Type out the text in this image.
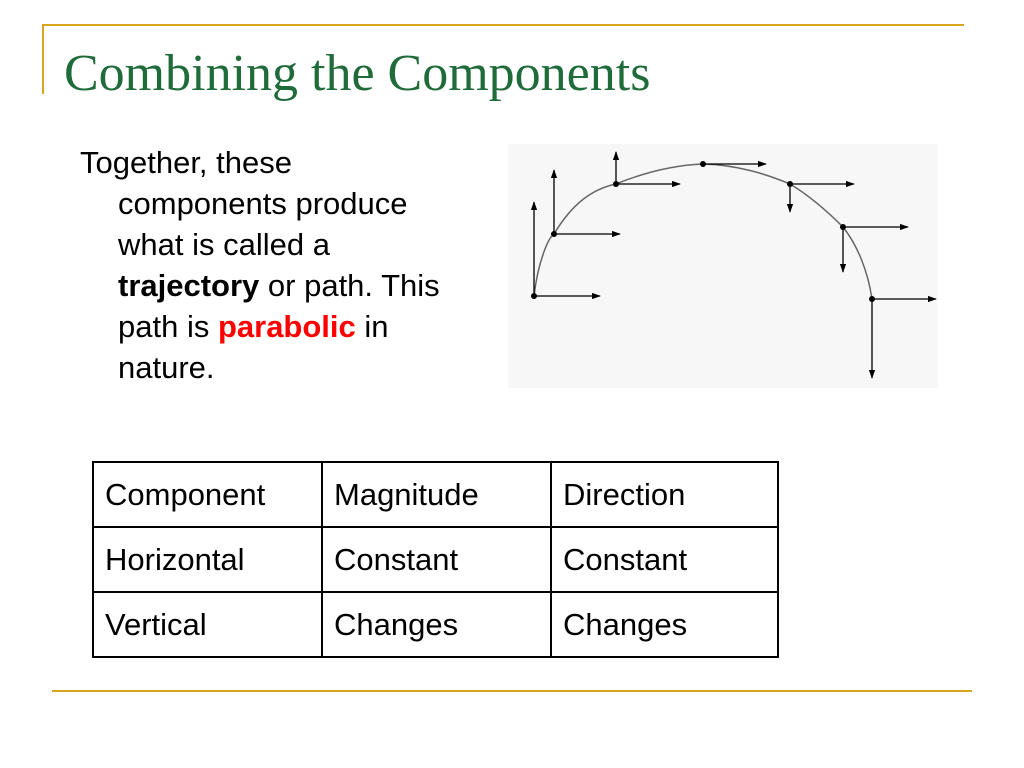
Combining the Components

Together, these
components produce
what is called a
trajectory or path. This
path is parabolic in
nature.

Component	Magnitude	Direction
Horizontal	Constant	Constant
Vertical	Changes	Changes
